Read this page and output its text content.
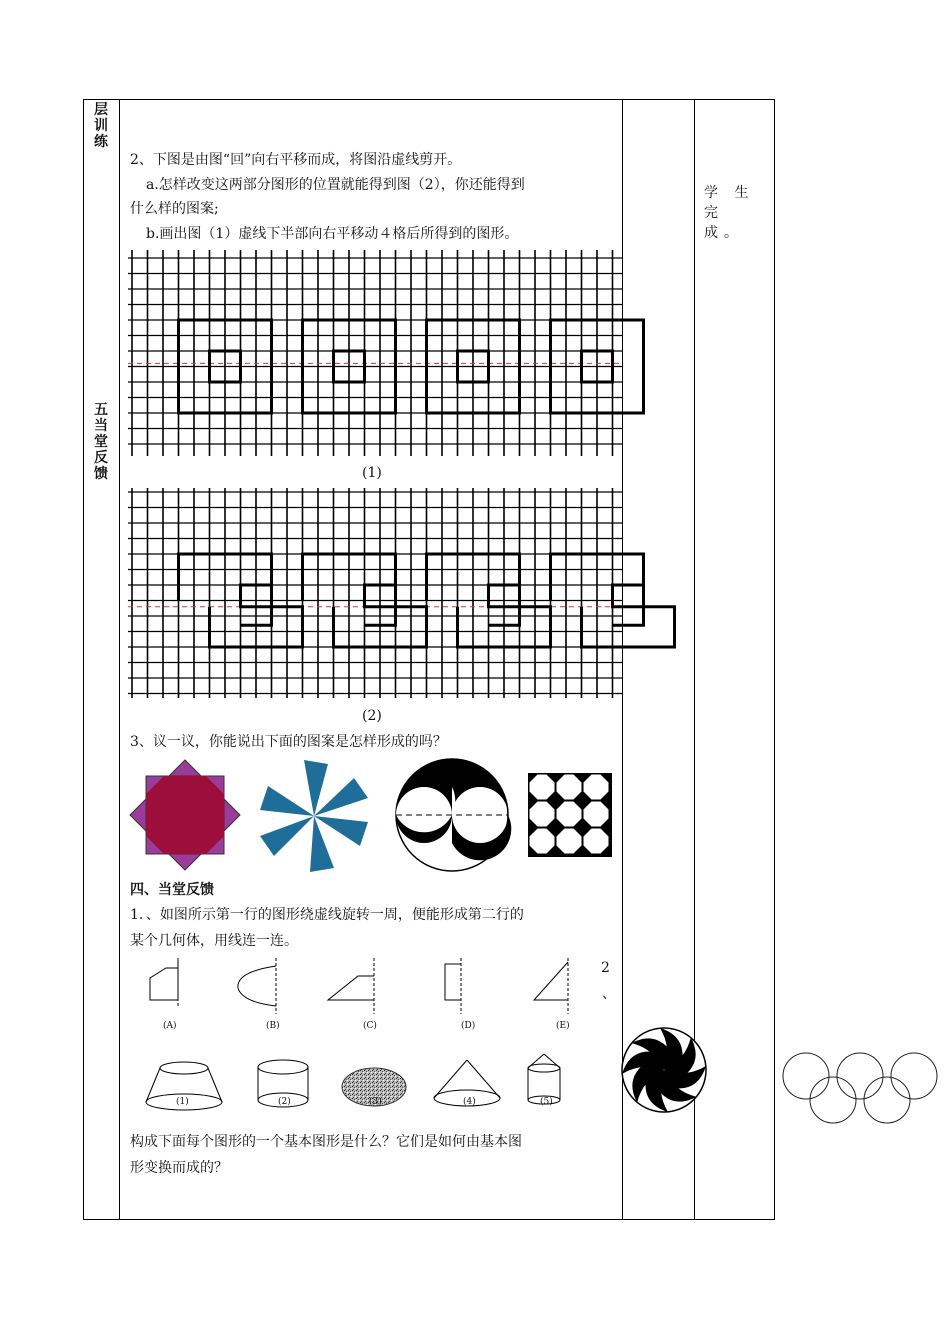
层训练
五当堂反馈
学 生 完 成。
2、下图是由图“回”向右平移而成，将图沿虚线剪开。
a.怎样改变这两部分图形的位置就能得到图（2），你还能得到
什么样的图案;
b.画出图（1）虚线下半部向右平移动４格后所得到的图形。
(1)
(2)
3、议一议，你能说出下面的图案是怎样形成的吗？
四、当堂反馈
1．、如图所示第一行的图形绕虚线旋转一周，便能形成第二行的
某个几何体，用线连一连。
(A)	(B)	(C)	(D)	(E)
2
、
(1)	(2)	(3)	(4)	(5)
构成下面每个图形的一个基本图形是什么？它们是如何由基本图
形变换而成的？
